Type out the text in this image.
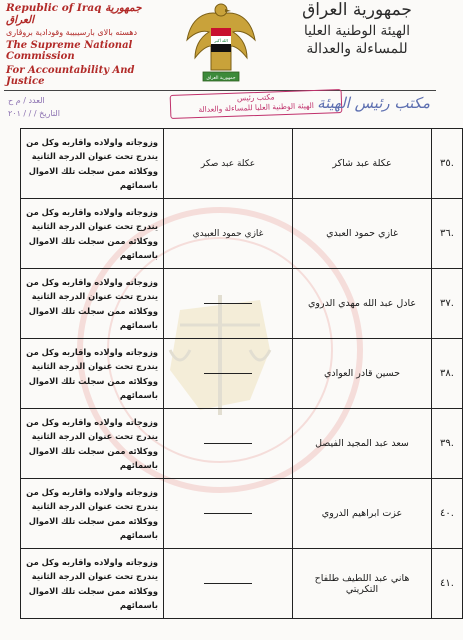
Republic of Iraq جمهورية العراق
دهستە بالای بارسیبیبة وقودادية بروڤارى
The Supreme National Commission
For Accountability And Justice
الله أكبر
جمهورية العراق
جمهورية العراق
الهيئة الوطنية العليا
للمساءلة والعدالة
العدد / م ح
التاريخ / / / ٢٠١
مكتب رئيس
الهيئة الوطنية العليا للمساءلة والعدالة مكتب رئيس الهيئة
.٣٥	عكلة عبد شاكر	عكلة عبد صكر	وزوجاته واولاده واقاربه وكل من يندرج تحت عنوان الدرجة الثانية ووكلائه ممن سجلت تلك الاموال باسمائهم
.٣٦	غازي حمود العبدي	غازي حمود العبيدي	وزوجاته واولاده واقاربه وكل من يندرج تحت عنوان الدرجة الثانية ووكلائه ممن سجلت تلك الاموال باسمائهم
.٣٧	عادل عبد الله مهدي الدروي		وزوجاته واولاده واقاربه وكل من يندرج تحت عنوان الدرجة الثانية ووكلائه ممن سجلت تلك الاموال باسمائهم
.٣٨	حسين قادر العوادي		وزوجاته واولاده واقاربه وكل من يندرج تحت عنوان الدرجة الثانية ووكلائه ممن سجلت تلك الاموال باسمائهم
.٣٩	سعد عبد المجيد الفيصل		وزوجاته واولاده واقاربه وكل من يندرج تحت عنوان الدرجة الثانية ووكلائه ممن سجلت تلك الاموال باسمائهم
.٤٠	عزت ابراهيم الدروي		وزوجاته واولاده واقاربه وكل من يندرج تحت عنوان الدرجة الثانية ووكلائه ممن سجلت تلك الاموال باسمائهم
.٤١	هاني عبد اللطيف طلفاح التكريتي		وزوجاته واولاده واقاربه وكل من يندرج تحت عنوان الدرجة الثانية ووكلائه ممن سجلت تلك الاموال باسمائهم
